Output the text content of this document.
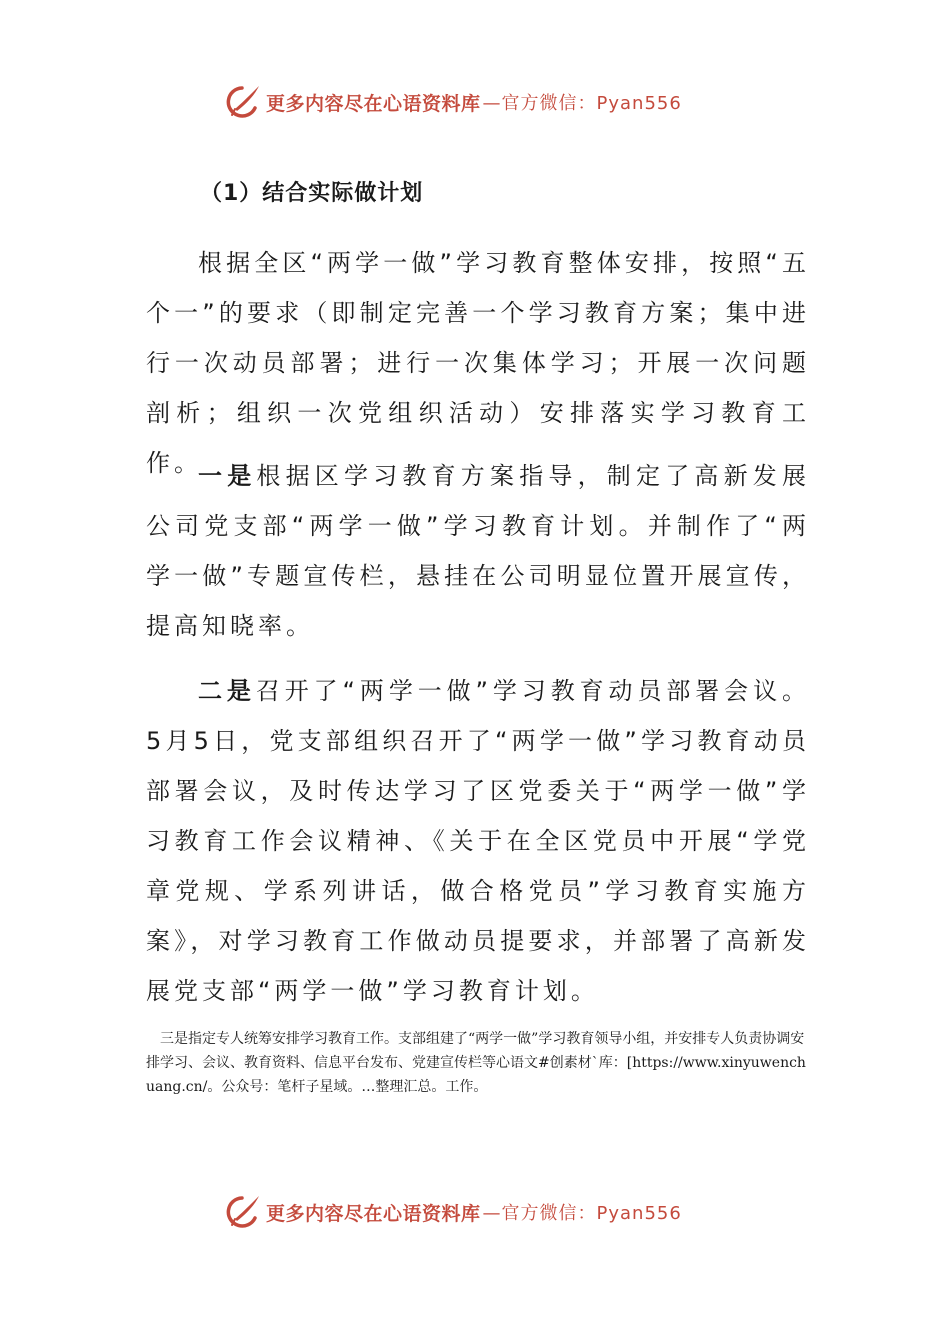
更多内容尽在心语资料库 —官方微信：Pyan556
（1）结合实际做计划

根据全区“两学一做”学习教育整体安排，按照“五个一”的要求（即制定完善一个学习教育方案；集中进行一次动员部署；进行一次集体学习；开展一次问题剖析；组织一次党组织活动）安排落实学习教育工作。

一是根据区学习教育方案指导，制定了高新发展公司党支部“两学一做”学习教育计划。并制作了“两学一做”专题宣传栏，悬挂在公司明显位置开展宣传，提高知晓率。

二是召开了“两学一做”学习教育动员部署会议。5月5日，党支部组织召开了“两学一做”学习教育动员部署会议，及时传达学习了区党委关于“两学一做”学习教育工作会议精神、《关于在全区党员中开展“学党章党规、学系列讲话，做合格党员”学习教育实施方案》，对学习教育工作做动员提要求，并部署了高新发展党支部“两学一做”学习教育计划。

三是指定专人统筹安排学习教育工作。支部组建了“两学一做”学习教育领导小组，并安排专人负责协调安排学习、会议、教育资料、信息平台发布、党建宣传栏等心语文#创素材`库：[https://www.xinyuwenchuang.cn/。公众号：笔杆子星域。…整理汇总。工作。

更多内容尽在心语资料库 —官方微信：Pyan556
